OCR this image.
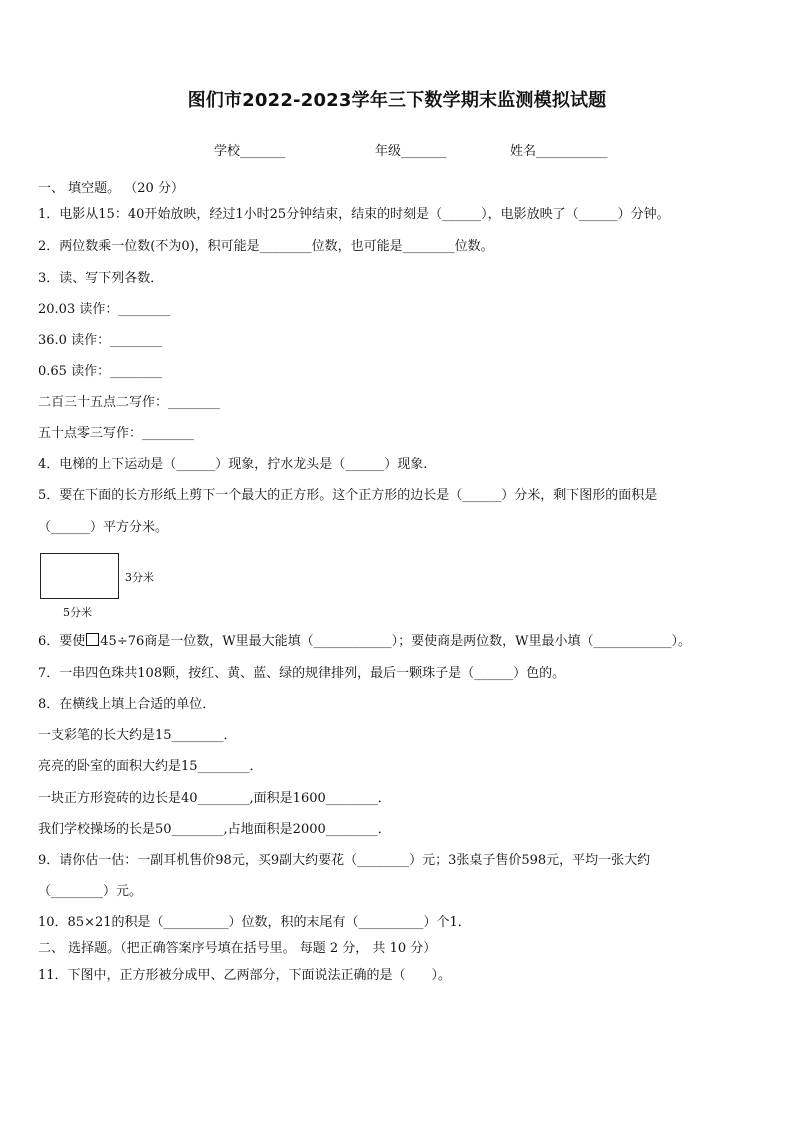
图们市2022-2023学年三下数学期末监测模拟试题
学校_______	年级_______	姓名___________
一、 填空题。 （20 分）
1．电影从15：40开始放映，经过1小时25分钟结束，结束的时刻是（______），电影放映了（______）分钟。
2．两位数乘一位数(不为0)，积可能是________位数，也可能是________位数。
3．读、写下列各数．
20.03 读作：________
36.0 读作：________
0.65 读作：________
二百三十五点二写作：________
五十点零三写作：________
4．电梯的上下运动是（______）现象，拧水龙头是（______）现象.
5．要在下面的长方形纸上剪下一个最大的正方形。这个正方形的边长是（______）分米，剩下图形的面积是
（______）平方分米。
3分米
5分米
6．要使 45÷76商是一位数，W里最大能填（____________）；要使商是两位数，W里最小填（____________）。
7．一串四色珠共108颗，按红、黄、蓝、绿的规律排列，最后一颗珠子是（______）色的。
8．在横线上填上合适的单位．
一支彩笔的长大约是15________．
亮亮的卧室的面积大约是15________．
一块正方形瓷砖的边长是40________,面积是1600________．
我们学校操场的长是50________,占地面积是2000________．
9．请你估一估：一副耳机售价98元，买9副大约要花（________）元；3张桌子售价598元，平均一张大约
（________）元。
10．85×21的积是（__________）位数，积的末尾有（__________）个1．
二、 选择题。（把正确答案序号填在括号里。 每题 2 分， 共 10 分）
11．下图中，正方形被分成甲、乙两部分，下面说法正确的是（　　）。
